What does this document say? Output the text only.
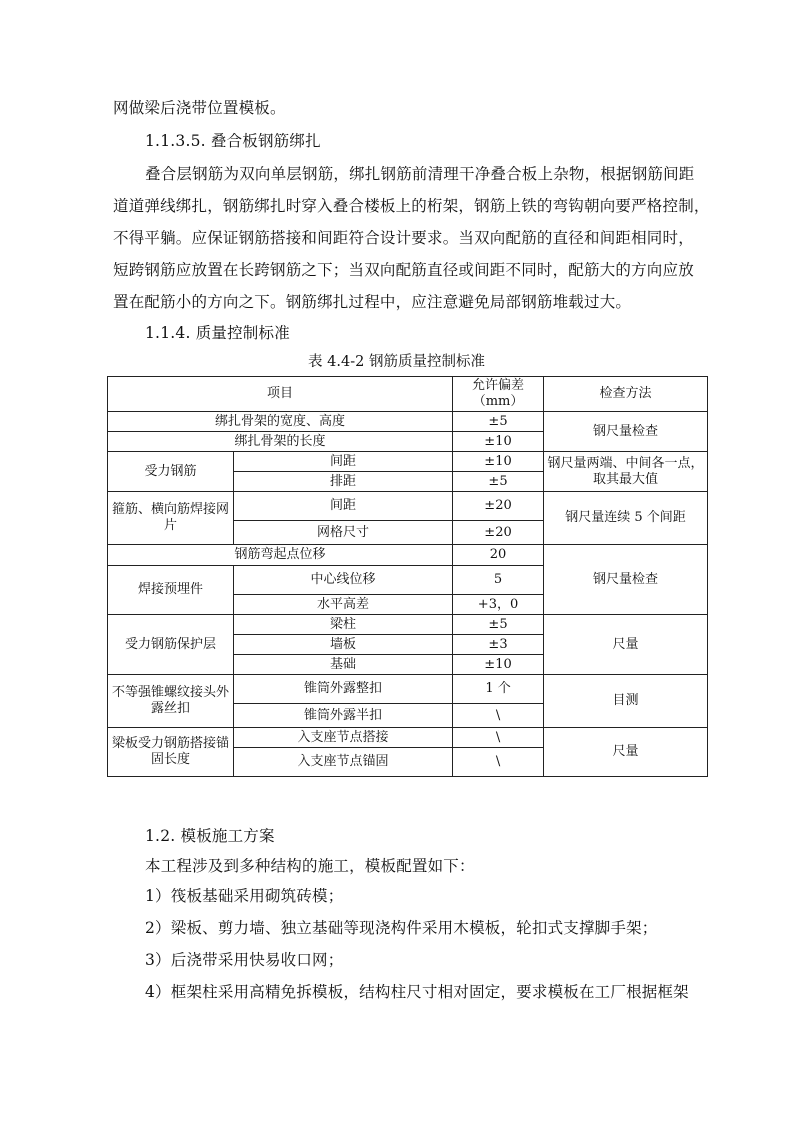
网做梁后浇带位置模板。
1.1.3.5. 叠合板钢筋绑扎
叠合层钢筋为双向单层钢筋，绑扎钢筋前清理干净叠合板上杂物，根据钢筋间距
道道弹线绑扎，钢筋绑扎时穿入叠合楼板上的桁架，钢筋上铁的弯钩朝向要严格控制，
不得平躺。应保证钢筋搭接和间距符合设计要求。当双向配筋的直径和间距相同时，
短跨钢筋应放置在长跨钢筋之下；当双向配筋直径或间距不同时，配筋大的方向应放
置在配筋小的方向之下。钢筋绑扎过程中，应注意避免局部钢筋堆载过大。
1.1.4. 质量控制标准
表 4.4-2 钢筋质量控制标准
项目		允许偏差（mm）	检查方法
绑扎骨架的宽度、高度		±5	钢尺量检查
绑扎骨架的长度		±10	
受力钢筋	间距	±10	钢尺量两端、中间各一点，取其最大值
	排距	±5	
箍筋、横向筋焊接网片	间距	±20	钢尺量连续 5 个间距
	网格尺寸	±20	
钢筋弯起点位移		20	钢尺量检查
焊接预埋件	中心线位移	5	
	水平高差	+3，0	
受力钢筋保护层	梁柱	±5	尺量
	墙板	±3	
	基础	±10	
不等强锥螺纹接头外露丝扣	锥筒外露整扣	1 个	目测
	锥筒外露半扣	\	
梁板受力钢筋搭接锚固长度	入支座节点搭接	\	尺量
	入支座节点锚固	\	
1.2. 模板施工方案
本工程涉及到多种结构的施工，模板配置如下：
1）筏板基础采用砌筑砖模；
2）梁板、剪力墙、独立基础等现浇构件采用木模板，轮扣式支撑脚手架；
3）后浇带采用快易收口网；
4）框架柱采用高精免拆模板，结构柱尺寸相对固定，要求模板在工厂根据框架
